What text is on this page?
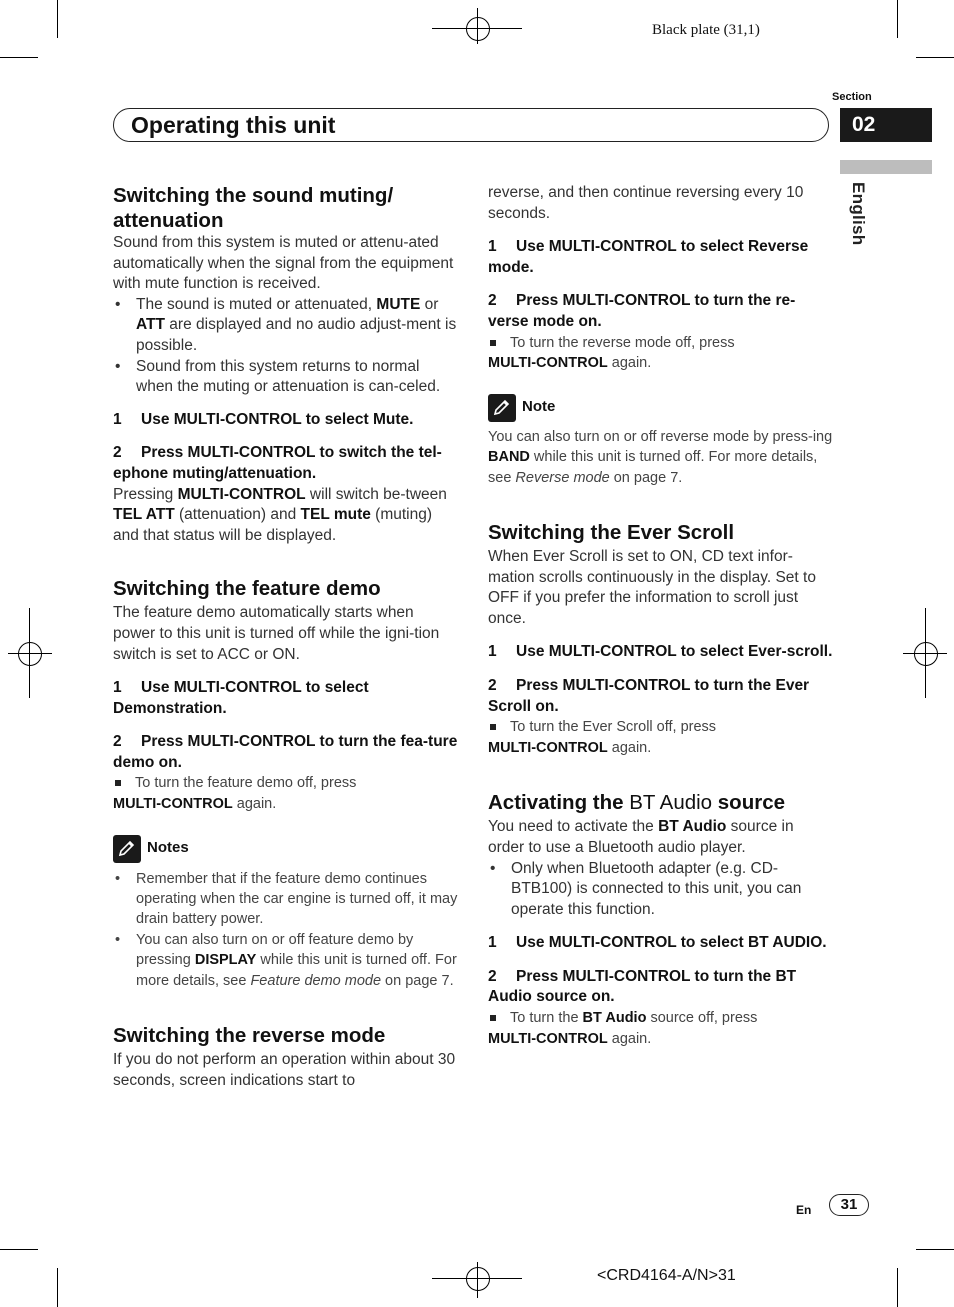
Black plate (31,1)
Section
02
Operating this unit
English
Switching the sound muting/ attenuation

Sound from this system is muted or attenu-ated automatically when the signal from the equipment with mute function is received.

• The sound is muted or attenuated, MUTE or ATT are displayed and no audio adjust-ment is possible.
• Sound from this system returns to normal when the muting or attenuation is can-celed.
1 Use MULTI-CONTROL to select Mute.
2 Press MULTI-CONTROL to switch the tel-ephone muting/attenuation.

Pressing MULTI-CONTROL will switch be-tween TEL ATT (attenuation) and TEL mute (muting) and that status will be displayed.

Switching the feature demo

The feature demo automatically starts when power to this unit is turned off while the igni-tion switch is set to ACC or ON.

1 Use MULTI-CONTROL to select Demonstration.
2 Press MULTI-CONTROL to turn the fea-ture demo on.
To turn the feature demo off, press
MULTI-CONTROL again.
Notes
• Remember that if the feature demo continues operating when the car engine is turned off, it may drain battery power.
• You can also turn on or off feature demo by pressing DISPLAY while this unit is turned off. For more details, see Feature demo mode on page 7.
Switching the reverse mode

If you do not perform an operation within about 30 seconds, screen indications start to

reverse, and then continue reversing every 10 seconds.

1 Use MULTI-CONTROL to select Reverse mode.
2 Press MULTI-CONTROL to turn the re-verse mode on.
To turn the reverse mode off, press
MULTI-CONTROL again.
Note

You can also turn on or off reverse mode by press-ing BAND while this unit is turned off. For more details, see Reverse mode on page 7.

Switching the Ever Scroll

When Ever Scroll is set to ON, CD text infor-mation scrolls continuously in the display. Set to OFF if you prefer the information to scroll just once.

1 Use MULTI-CONTROL to select Ever-scroll.
2 Press MULTI-CONTROL to turn the Ever Scroll on.
To turn the Ever Scroll off, press
MULTI-CONTROL again.
Activating the BT Audio source

You need to activate the BT Audio source in order to use a Bluetooth audio player.

• Only when Bluetooth adapter (e.g. CD-BTB100) is connected to this unit, you can operate this function.
1 Use MULTI-CONTROL to select BT AUDIO.
2 Press MULTI-CONTROL to turn the BT Audio source on.
To turn the BT Audio source off, press
MULTI-CONTROL again.
En	31
<CRD4164-A/N>31
